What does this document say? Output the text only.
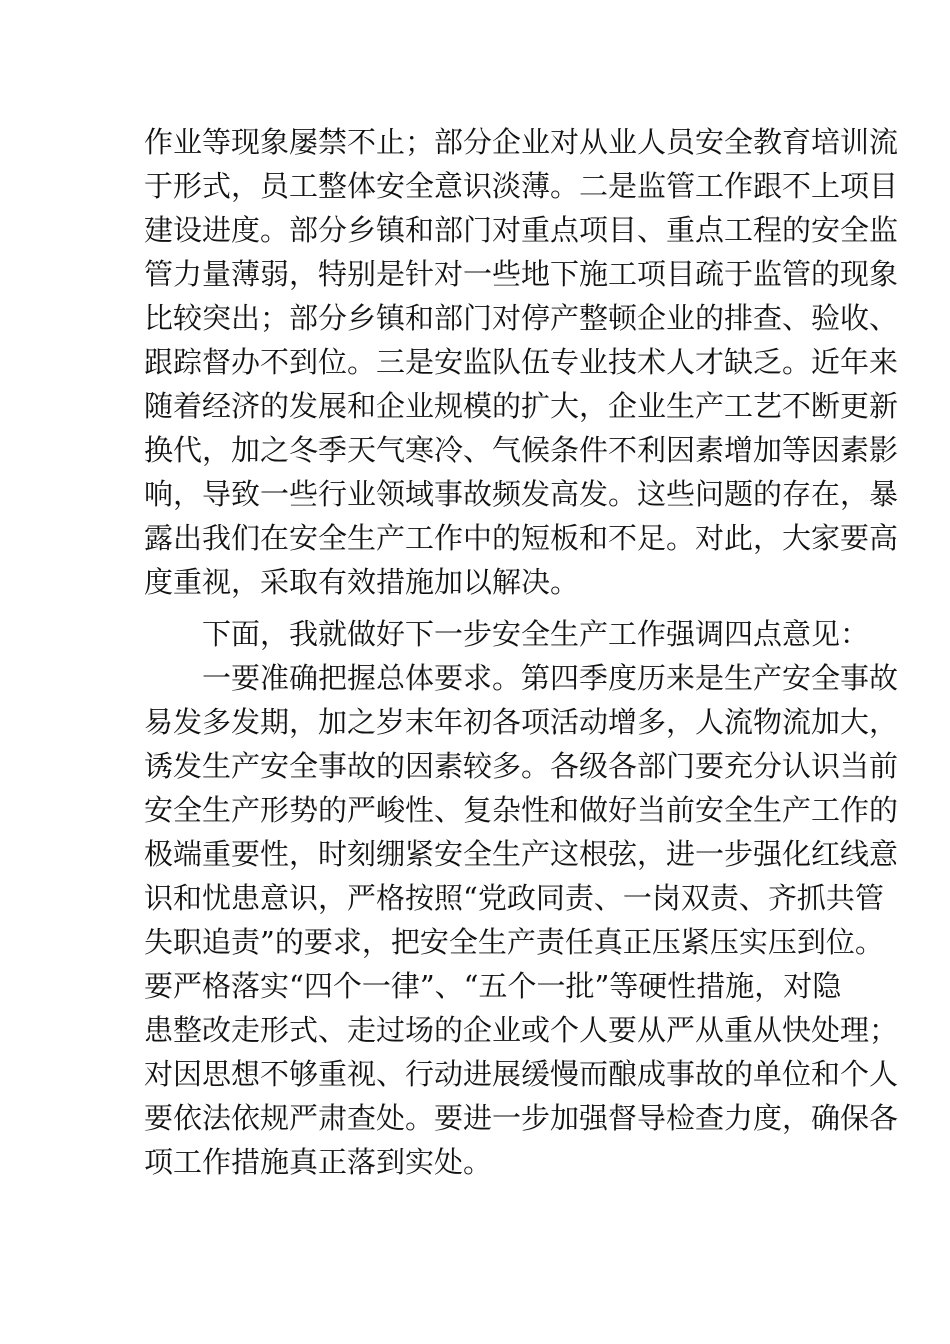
作业等现象屡禁不止；部分企业对从业人员安全教育培训流
于形式，员工整体安全意识淡薄。二是监管工作跟不上项目
建设进度。部分乡镇和部门对重点项目、重点工程的安全监
管力量薄弱，特别是针对一些地下施工项目疏于监管的现象
比较突出；部分乡镇和部门对停产整顿企业的排查、验收、
跟踪督办不到位。三是安监队伍专业技术人才缺乏。近年来
随着经济的发展和企业规模的扩大，企业生产工艺不断更新
换代，加之冬季天气寒冷、气候条件不利因素增加等因素影
响，导致一些行业领域事故频发高发。这些问题的存在，暴
露出我们在安全生产工作中的短板和不足。对此，大家要高
度重视，采取有效措施加以解决。
下面，我就做好下一步安全生产工作强调四点意见：
一要准确把握总体要求。第四季度历来是生产安全事故
易发多发期，加之岁末年初各项活动增多，人流物流加大，
诱发生产安全事故的因素较多。各级各部门要充分认识当前
安全生产形势的严峻性、复杂性和做好当前安全生产工作的
极端重要性，时刻绷紧安全生产这根弦，进一步强化红线意
识和忧患意识，严格按照“党政同责、一岗双责、齐抓共管
失职追责”的要求，把安全生产责任真正压紧压实压到位。
要严格落实“四个一律”、“五个一批”等硬性措施，对隐
患整改走形式、走过场的企业或个人要从严从重从快处理；
对因思想不够重视、行动进展缓慢而酿成事故的单位和个人
要依法依规严肃查处。要进一步加强督导检查力度，确保各
项工作措施真正落到实处。
